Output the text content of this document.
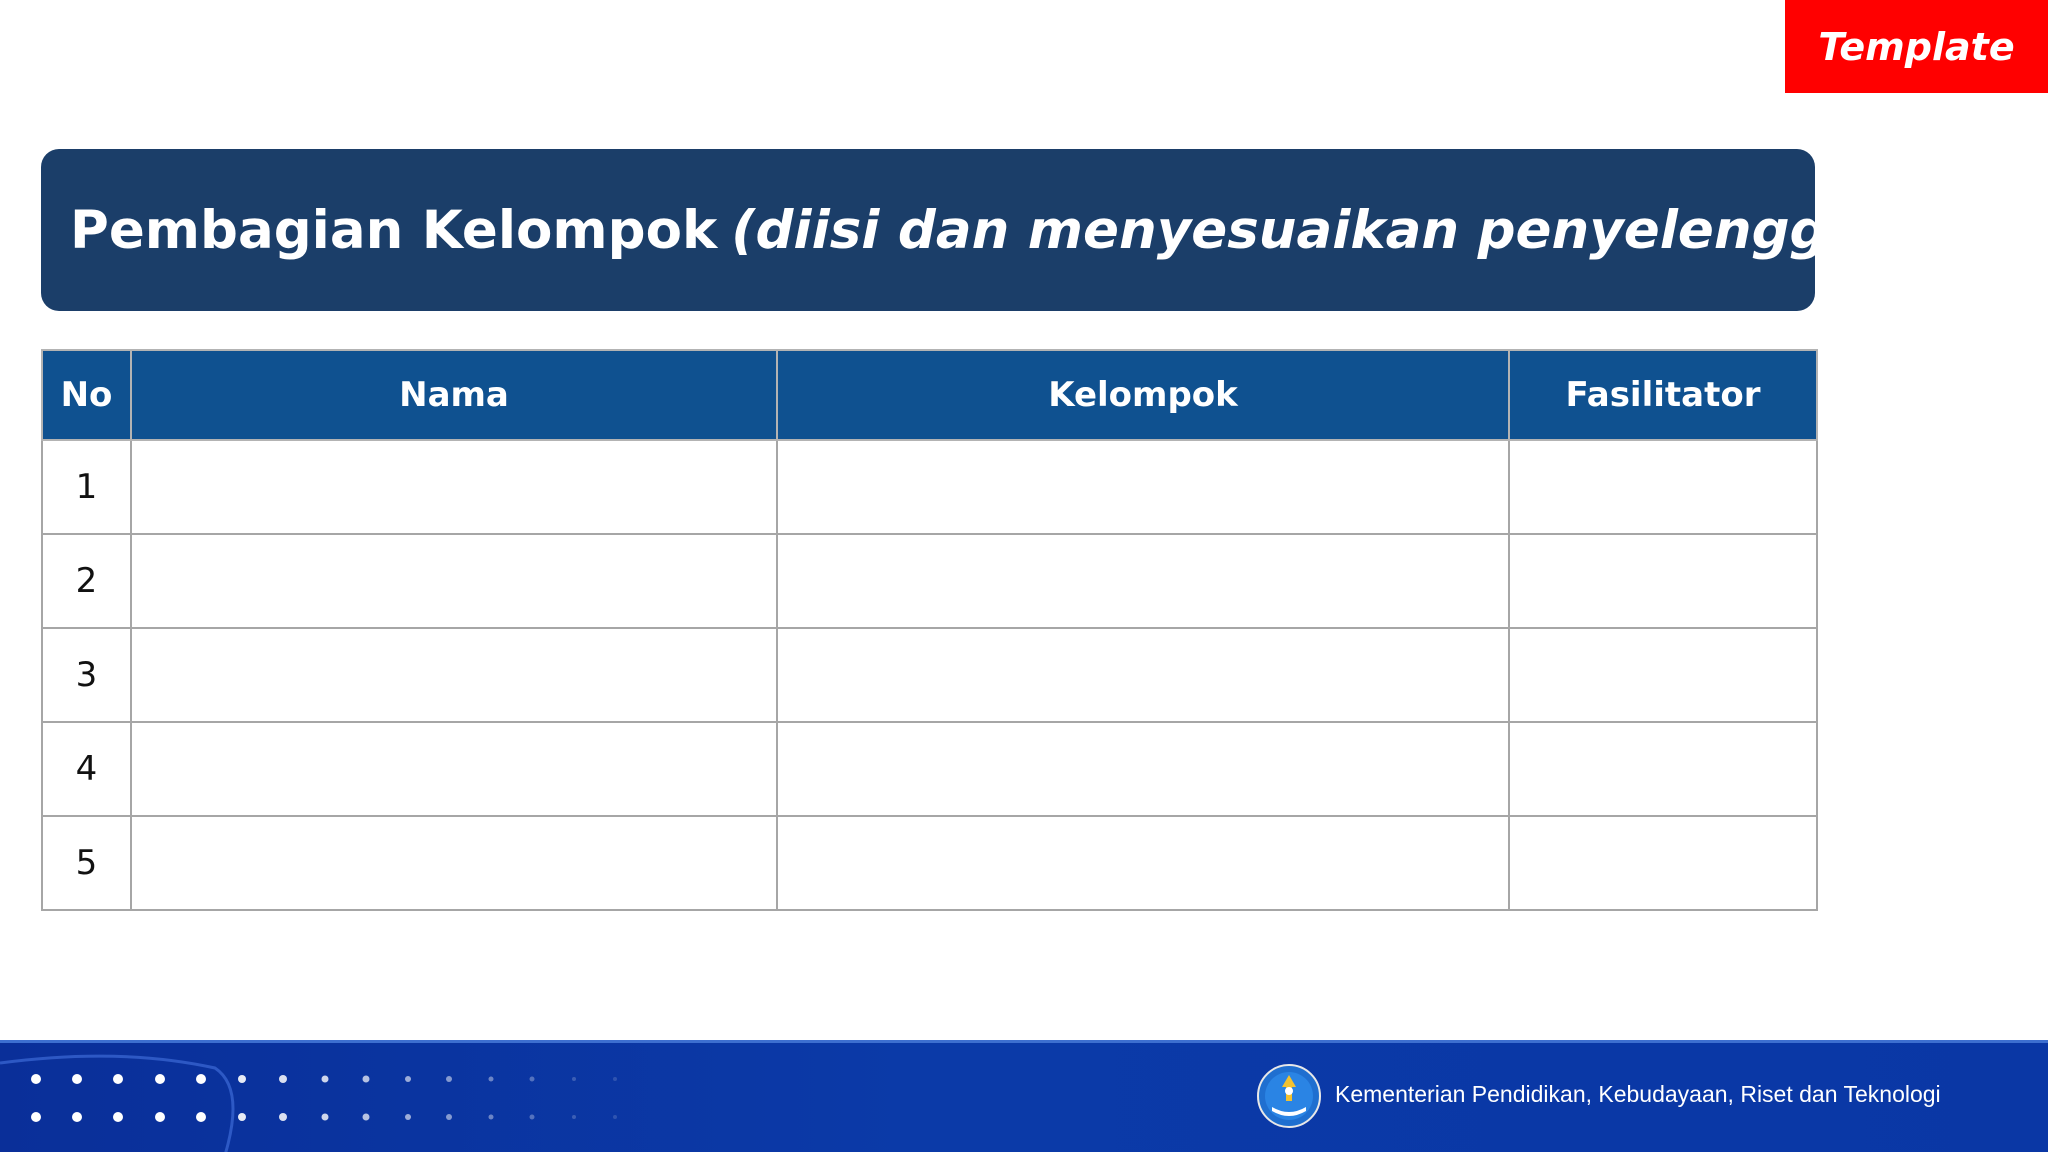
Template
Pembagian Kelompok (diisi dan menyesuaikan penyelenggara)
No	Nama	Kelompok	Fasilitator
1			
2			
3			
4			
5			
Kementerian Pendidikan, Kebudayaan, Riset dan Teknologi
